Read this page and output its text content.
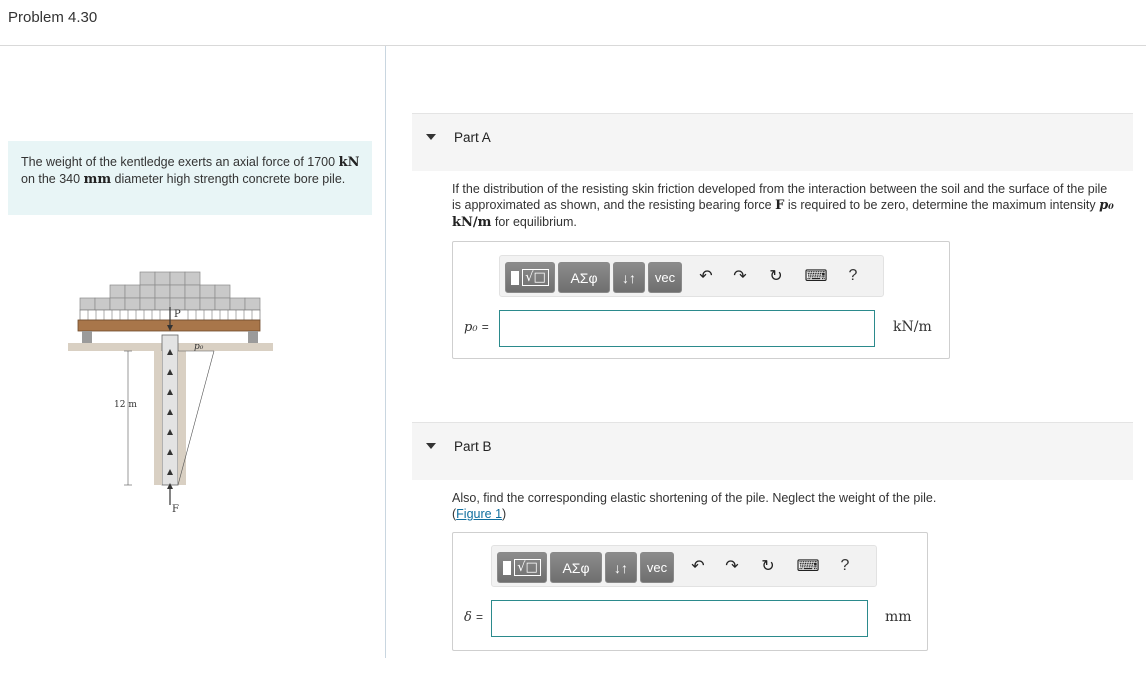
Problem 4.30
The weight of the kentledge exerts an axial force of 1700 kN on the 340 mm diameter high strength concrete bore pile.
P
p₀
12 m
F
Part A
If the distribution of the resisting skin friction developed from the interaction between the soil and the surface of the pile is approximated as shown, and the resisting bearing force F is required to be zero, determine the maximum intensity p₀ kN/m for equilibrium.
√□	ΑΣφ	↓↑	vec	↶ ↷ ↻ ⌨	?
p₀ =	kN/m
Part B
Also, find the corresponding elastic shortening of the pile. Neglect the weight of the pile.
(Figure 1)
√□	ΑΣφ	↓↑	vec	↶ ↷ ↻ ⌨	?
δ =	mm
